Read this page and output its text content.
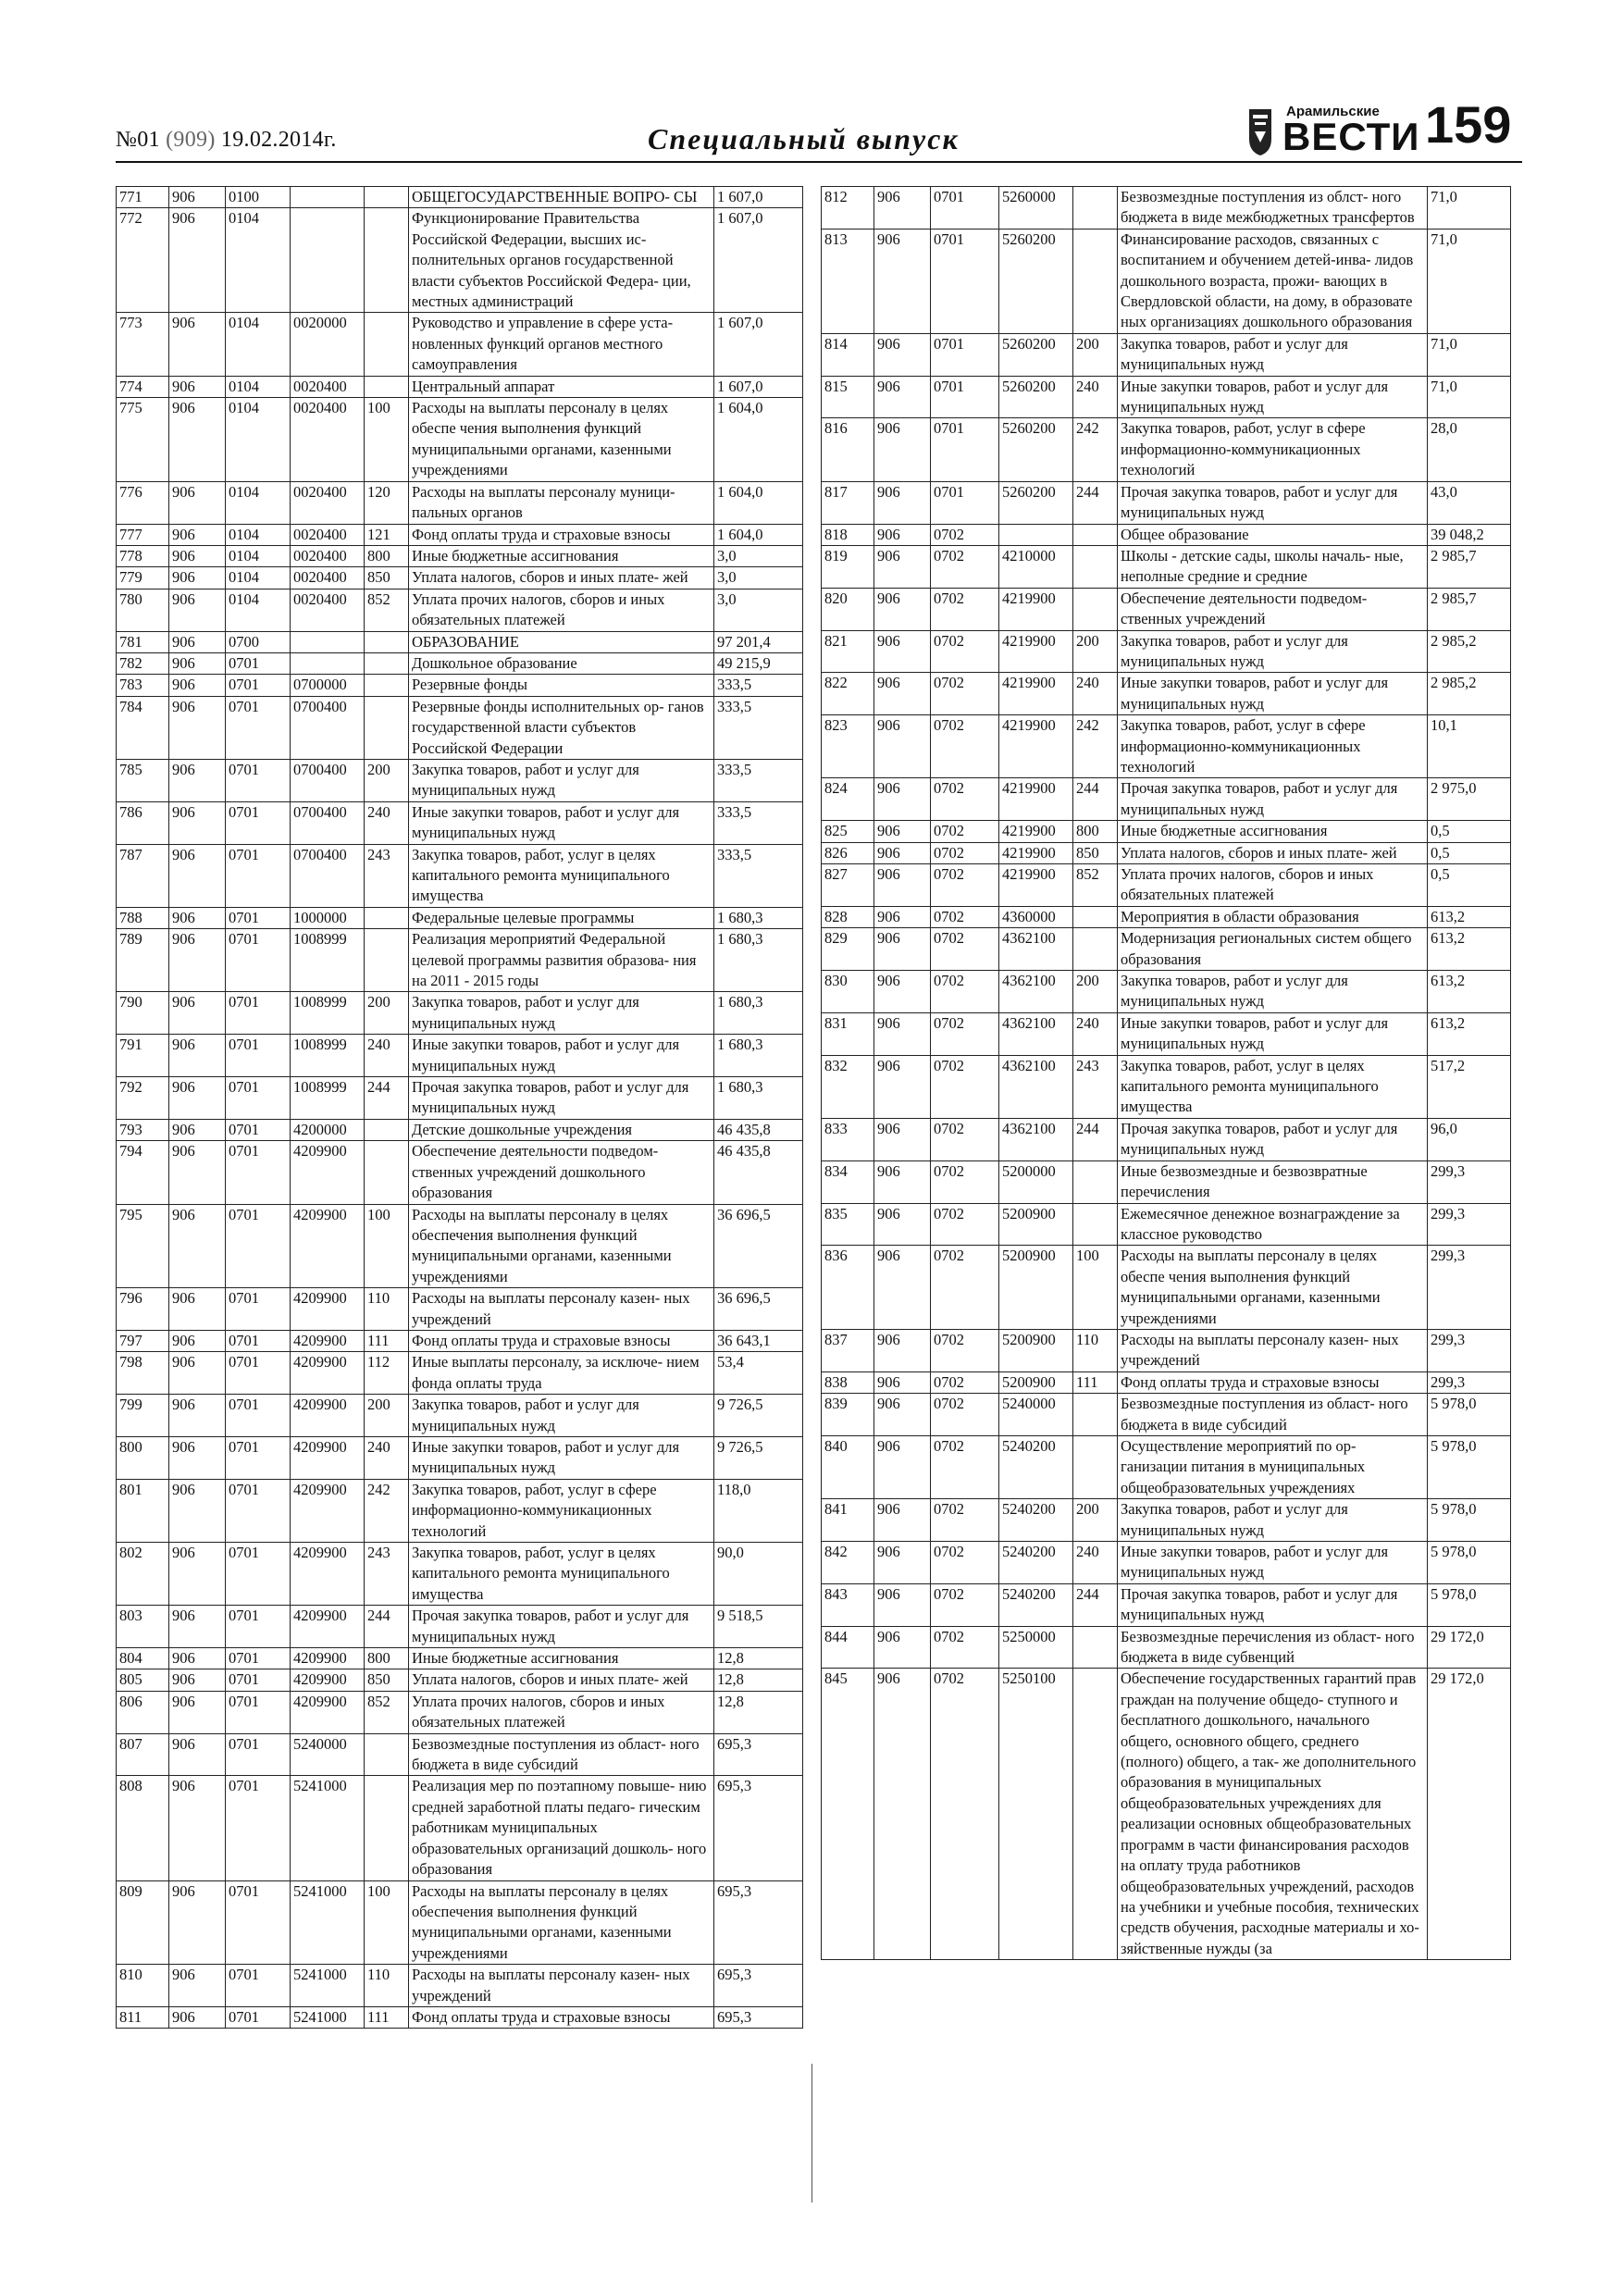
№01 (909) 19.02.2014г.	Специальный выпуск
Арамильские
ВЕСТИ 159
771	906	0100			ОБЩЕГОСУДАРСТВЕННЫЕ ВОПРО- СЫ	1 607,0
772	906	0104			Функционирование Правительства Российской Федерации, высших ис- полнительных органов государственной власти субъектов Российской Федера- ции, местных администраций	1 607,0
773	906	0104	0020000		Руководство и управление в сфере уста- новленных функций органов местного самоуправления	1 607,0
774	906	0104	0020400		Центральный аппарат	1 607,0
775	906	0104	0020400	100	Расходы на выплаты персоналу в целях обеспе чения выполнения функций муниципальными органами, казенными учреждениями	1 604,0
776	906	0104	0020400	120	Расходы на выплаты персоналу муници- пальных органов	1 604,0
777	906	0104	0020400	121	Фонд оплаты труда и страховые взносы	1 604,0
778	906	0104	0020400	800	Иные бюджетные ассигнования	3,0
779	906	0104	0020400	850	Уплата налогов, сборов и иных плате- жей	3,0
780	906	0104	0020400	852	Уплата прочих налогов, сборов и иных обязательных платежей	3,0
781	906	0700			ОБРАЗОВАНИЕ	97 201,4
782	906	0701			Дошкольное образование	49 215,9
783	906	0701	0700000		Резервные фонды	333,5
784	906	0701	0700400		Резервные фонды исполнительных ор- ганов государственной власти субъектов Российской Федерации	333,5
785	906	0701	0700400	200	Закупка товаров, работ и услуг для муниципальных нужд	333,5
786	906	0701	0700400	240	Иные закупки товаров, работ и услуг для муниципальных нужд	333,5
787	906	0701	0700400	243	Закупка товаров, работ, услуг в целях капитального ремонта муниципального имущества	333,5
788	906	0701	1000000		Федеральные целевые программы	1 680,3
789	906	0701	1008999		Реализация мероприятий Федеральной целевой программы развития образова- ния на 2011 - 2015 годы	1 680,3
790	906	0701	1008999	200	Закупка товаров, работ и услуг для муниципальных нужд	1 680,3
791	906	0701	1008999	240	Иные закупки товаров, работ и услуг для муниципальных нужд	1 680,3
792	906	0701	1008999	244	Прочая закупка товаров, работ и услуг для муниципальных нужд	1 680,3
793	906	0701	4200000		Детские дошкольные учреждения	46 435,8
794	906	0701	4209900		Обеспечение деятельности подведом- ственных учреждений дошкольного образования	46 435,8
795	906	0701	4209900	100	Расходы на выплаты персоналу в целях обеспечения выполнения функций муниципальными органами, казенными учреждениями	36 696,5
796	906	0701	4209900	110	Расходы на выплаты персоналу казен- ных учреждений	36 696,5
797	906	0701	4209900	111	Фонд оплаты труда и страховые взносы	36 643,1
798	906	0701	4209900	112	Иные выплаты персоналу, за исключе- нием фонда оплаты труда	53,4
799	906	0701	4209900	200	Закупка товаров, работ и услуг для муниципальных нужд	9 726,5
800	906	0701	4209900	240	Иные закупки товаров, работ и услуг для муниципальных нужд	9 726,5
801	906	0701	4209900	242	Закупка товаров, работ, услуг в сфере информационно-коммуникационных технологий	118,0
802	906	0701	4209900	243	Закупка товаров, работ, услуг в целях капитального ремонта муниципального имущества	90,0
803	906	0701	4209900	244	Прочая закупка товаров, работ и услуг для муниципальных нужд	9 518,5
804	906	0701	4209900	800	Иные бюджетные ассигнования	12,8
805	906	0701	4209900	850	Уплата налогов, сборов и иных плате- жей	12,8
806	906	0701	4209900	852	Уплата прочих налогов, сборов и иных обязательных платежей	12,8
807	906	0701	5240000		Безвозмездные поступления из област- ного бюджета в виде субсидий	695,3
808	906	0701	5241000		Реализация мер по поэтапному повыше- нию средней заработной платы педаго- гическим работникам муниципальных образовательных организаций дошколь- ного образования	695,3
809	906	0701	5241000	100	Расходы на выплаты персоналу в целях обеспечения выполнения функций муниципальными органами, казенными учреждениями	695,3
810	906	0701	5241000	110	Расходы на выплаты персоналу казен- ных учреждений	695,3
811	906	0701	5241000	111	Фонд оплаты труда и страховые взносы	695,3
812	906	0701	5260000		Безвозмездные поступления из облст- ного бюджета в виде межбюджетных трансфертов	71,0
813	906	0701	5260200		Финансирование расходов, связанных с воспитанием и обучением детей-инва- лидов дошкольного возраста, прожи- вающих в Свердловской области, на дому, в образовате ных организациях дошкольного образования	71,0
814	906	0701	5260200	200	Закупка товаров, работ и услуг для муниципальных нужд	71,0
815	906	0701	5260200	240	Иные закупки товаров, работ и услуг для муниципальных нужд	71,0
816	906	0701	5260200	242	Закупка товаров, работ, услуг в сфере информационно-коммуникационных технологий	28,0
817	906	0701	5260200	244	Прочая закупка товаров, работ и услуг для муниципальных нужд	43,0
818	906	0702			Общее образование	39 048,2
819	906	0702	4210000		Школы - детские сады, школы началь- ные, неполные средние и средние	2 985,7
820	906	0702	4219900		Обеспечение деятельности подведом- ственных учреждений	2 985,7
821	906	0702	4219900	200	Закупка товаров, работ и услуг для муниципальных нужд	2 985,2
822	906	0702	4219900	240	Иные закупки товаров, работ и услуг для муниципальных нужд	2 985,2
823	906	0702	4219900	242	Закупка товаров, работ, услуг в сфере информационно-коммуникационных технологий	10,1
824	906	0702	4219900	244	Прочая закупка товаров, работ и услуг для муниципальных нужд	2 975,0
825	906	0702	4219900	800	Иные бюджетные ассигнования	0,5
826	906	0702	4219900	850	Уплата налогов, сборов и иных плате- жей	0,5
827	906	0702	4219900	852	Уплата прочих налогов, сборов и иных обязательных платежей	0,5
828	906	0702	4360000		Мероприятия в области образования	613,2
829	906	0702	4362100		Модернизация региональных систем общего образования	613,2
830	906	0702	4362100	200	Закупка товаров, работ и услуг для муниципальных нужд	613,2
831	906	0702	4362100	240	Иные закупки товаров, работ и услуг для муниципальных нужд	613,2
832	906	0702	4362100	243	Закупка товаров, работ, услуг в целях капитального ремонта муниципального имущества	517,2
833	906	0702	4362100	244	Прочая закупка товаров, работ и услуг для муниципальных нужд	96,0
834	906	0702	5200000		Иные безвозмездные и безвозвратные перечисления	299,3
835	906	0702	5200900		Ежемесячное денежное вознаграждение за классное руководство	299,3
836	906	0702	5200900	100	Расходы на выплаты персоналу в целях обеспе чения выполнения функций муниципальными органами, казенными учреждениями	299,3
837	906	0702	5200900	110	Расходы на выплаты персоналу казен- ных учреждений	299,3
838	906	0702	5200900	111	Фонд оплаты труда и страховые взносы	299,3
839	906	0702	5240000		Безвозмездные поступления из област- ного бюджета в виде субсидий	5 978,0
840	906	0702	5240200		Осуществление мероприятий по ор- ганизации питания в муниципальных общеобразовательных учреждениях	5 978,0
841	906	0702	5240200	200	Закупка товаров, работ и услуг для муниципальных нужд	5 978,0
842	906	0702	5240200	240	Иные закупки товаров, работ и услуг для муниципальных нужд	5 978,0
843	906	0702	5240200	244	Прочая закупка товаров, работ и услуг для муниципальных нужд	5 978,0
844	906	0702	5250000		Безвозмездные перечисления из област- ного бюджета в виде субвенций	29 172,0
845	906	0702	5250100		Обеспечение государственных гарантий прав граждан на получение общедо- ступного и бесплатного дошкольного, начального общего, основного общего, среднего (полного) общего, а так- же дополнительного образования в муниципальных общеобразовательных учреждениях для реализации основных общеобразовательных программ в части финансирования расходов на оплату труда работников общеобразовательных учреждений, расходов на учебники и учебные пособия, технических средств обучения, расходные материалы и хо- зяйственные нужды (за	29 172,0
